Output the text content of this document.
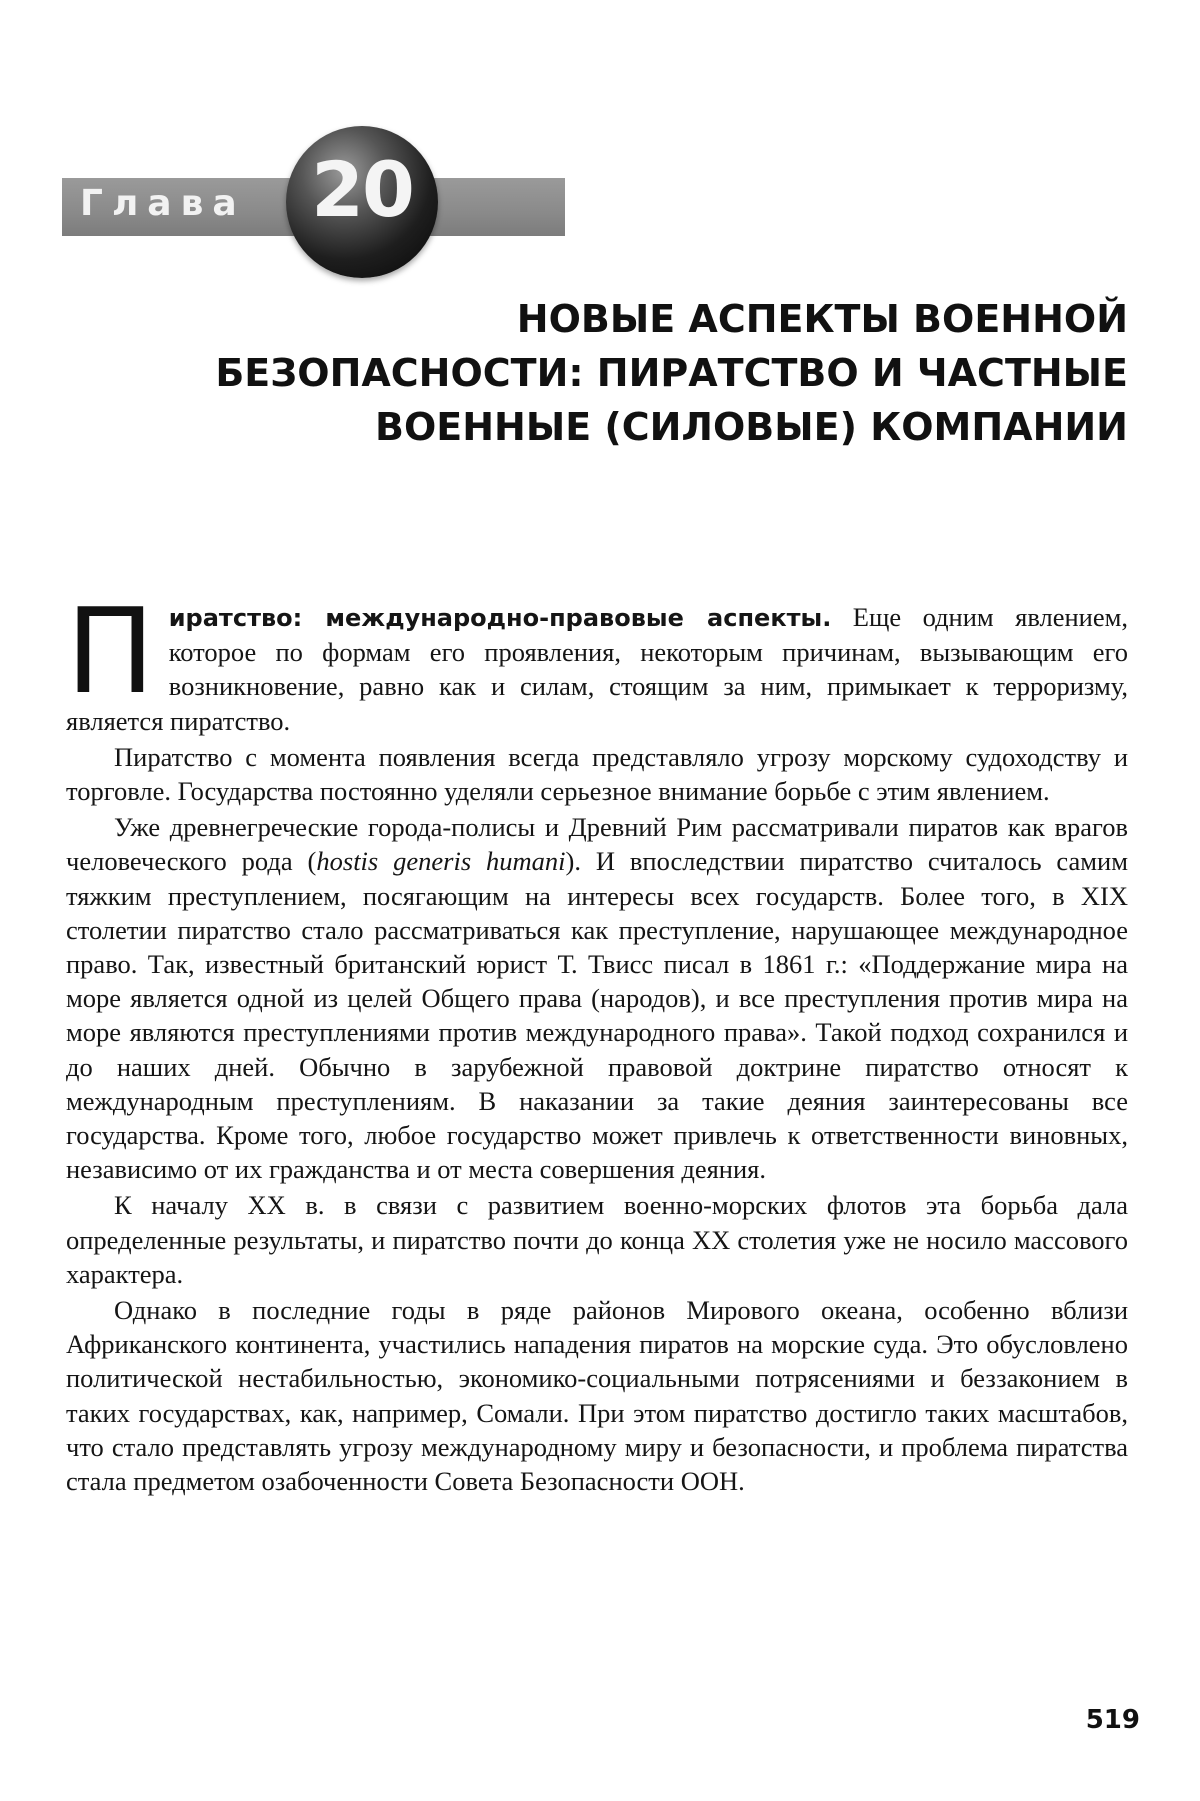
Глава 20
НОВЫЕ АСПЕКТЫ ВОЕННОЙ
БЕЗОПАСНОСТИ: ПИРАТСТВО И ЧАСТНЫЕ
ВОЕННЫЕ (СИЛОВЫЕ) КОМПАНИИ

Пиратство: международно-правовые аспекты. Еще одним явлением, которое по формам его проявления, некоторым причинам, вызывающим его возникновение, равно как и силам, стоящим за ним, примыкает к терроризму, является пиратство.

Пиратство с момента появления всегда представляло угрозу морскому судоходству и торговле. Государства постоянно уделяли серьезное внимание борьбе с этим явлением.

Уже древнегреческие города-полисы и Древний Рим рассматривали пиратов как врагов человеческого рода (hostis generis humani). И впоследствии пиратство считалось самим тяжким преступлением, посягающим на интересы всех государств. Более того, в XIX столетии пиратство стало рассматриваться как преступление, нарушающее международное право. Так, известный британский юрист Т. Твисс писал в 1861 г.: «Поддержание мира на море является одной из целей Общего права (народов), и все преступления против мира на море являются преступлениями против международного права». Такой подход сохранился и до наших дней. Обычно в зарубежной правовой доктрине пиратство относят к международным преступлениям. В наказании за такие деяния заинтересованы все государства. Кроме того, любое государство может привлечь к ответственности виновных, независимо от их гражданства и от места совершения деяния.

К началу XX в. в связи с развитием военно-морских флотов эта борьба дала определенные результаты, и пиратство почти до конца XX столетия уже не носило массового характера.

Однако в последние годы в ряде районов Мирового океана, особенно вблизи Африканского континента, участились нападения пиратов на морские суда. Это обусловлено политической нестабильностью, экономико-социальными потрясениями и беззаконием в таких государствах, как, например, Сомали. При этом пиратство достигло таких масштабов, что стало представлять угрозу международному миру и безопасности, и проблема пиратства стала предметом озабоченности Совета Безопасности ООН.

519
